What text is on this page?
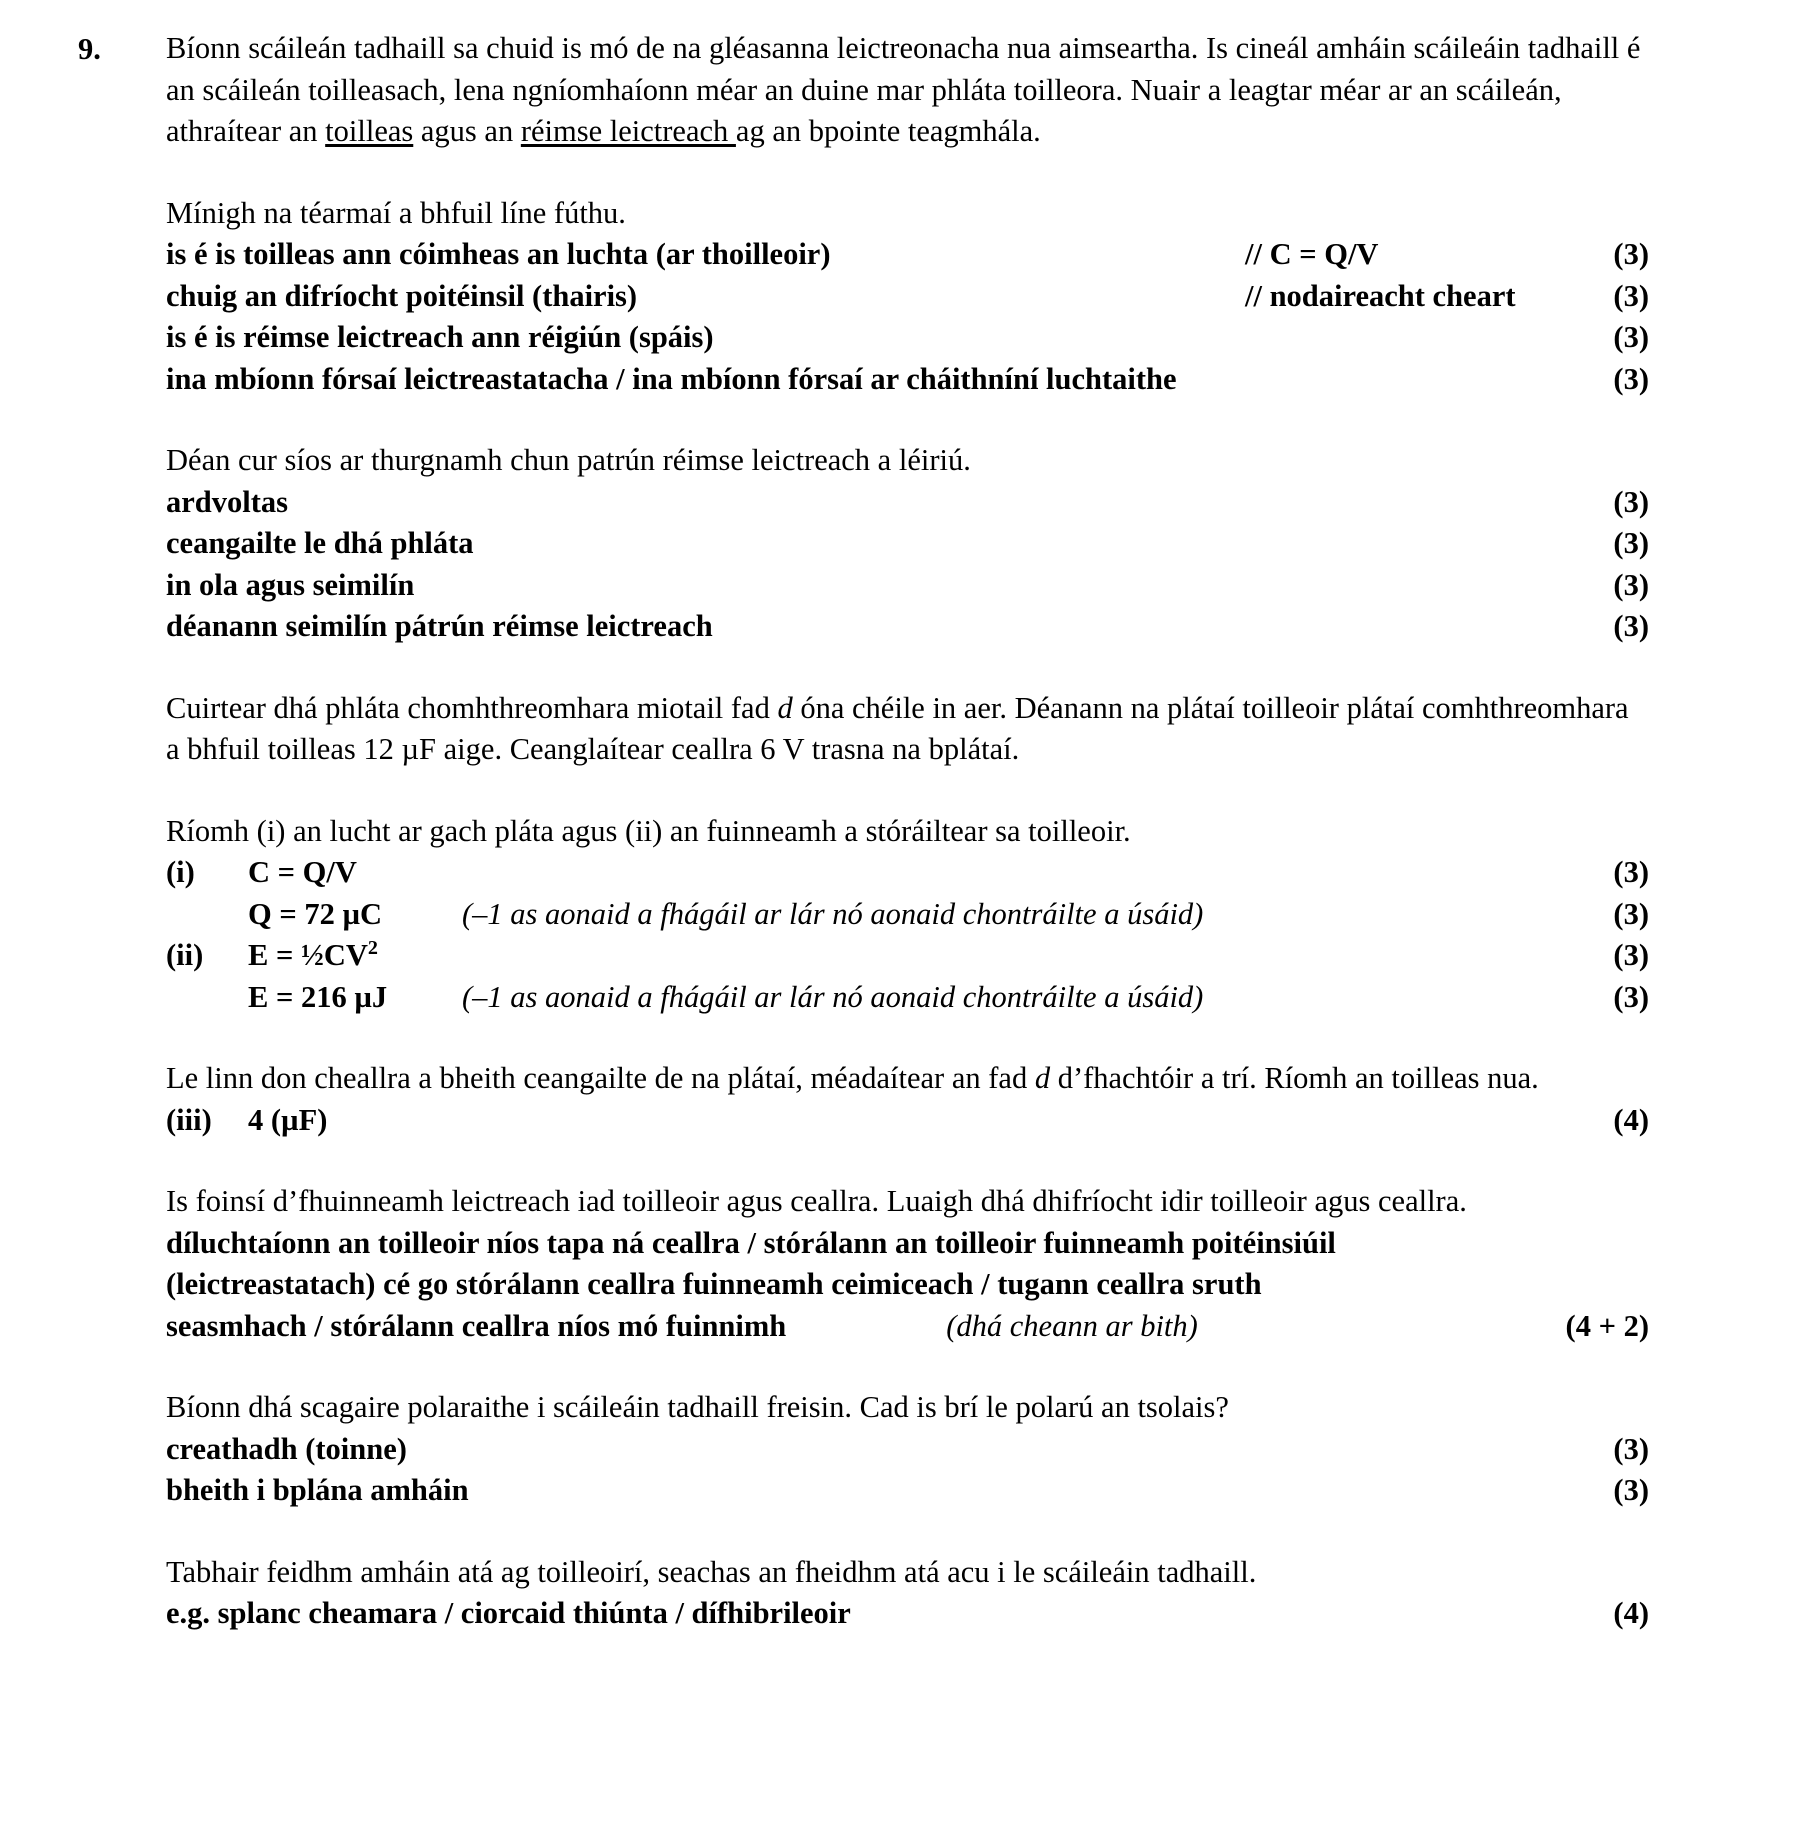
9.	Bíonn scáileán tadhaill sa chuid is mó de na gléasanna leictreonacha nua aimseartha. Is cineál amháin scáileáin tadhaill é an scáileán toilleasach, lena ngníomhaíonn méar an duine mar phláta toilleora. Nuair a leagtar méar ar an scáileán, athraítear an toilleas agus an réimse leictreach ag an bpointe teagmhála.

Mínigh na téarmaí a bhfuil líne fúthu.

is é is toilleas ann cóimheas an luchta (ar thoilleoir)	// C = Q/V	(3)
chuig an difríocht poitéinsil (thairis)	// nodaireacht cheart	(3)
is é is réimse leictreach ann réigiún (spáis)	(3)
ina mbíonn fórsaí leictreastatacha / ina mbíonn fórsaí ar cháithníní luchtaithe	(3)

Déan cur síos ar thurgnamh chun patrún réimse leictreach a léiriú.

ardvoltas	(3)
ceangailte le dhá phláta	(3)
in ola agus seimilín	(3)
déanann seimilín pátrún réimse leictreach	(3)

Cuirtear dhá phláta chomhthreomhara miotail fad d óna chéile in aer. Déanann na plátaí toilleoir plátaí comhthreomhara a bhfuil toilleas 12 µF aige. Ceanglaítear ceallra 6 V trasna na bplátaí.

Ríomh (i) an lucht ar gach pláta agus (ii) an fuinneamh a stóráiltear sa toilleoir.

(i)	C = Q/V	(3)
Q = 72 µC	(–1 as aonaid a fhágáil ar lár nó aonaid chontráilte a úsáid)	(3)
(ii)	$E = \frac{1}{2}CV^2$	(3)
E = 216 µJ	(–1 as aonaid a fhágáil ar lár nó aonaid chontráilte a úsáid)	(3)

Le linn don cheallra a bheith ceangailte de na plátaí, méadaítear an fad d d’fhachtóir a trí. Ríomh an toilleas nua.

(iii)	4 (µF)	(4)

Is foinsí d’fhuinneamh leictreach iad toilleoir agus ceallra. Luaigh dhá dhifríocht idir toilleoir agus ceallra.

díluchtaíonn an toilleoir níos tapa ná ceallra / stórálann an toilleoir fuinneamh poitéinsiúil
(leictreastatach) cé go stórálann ceallra fuinneamh ceimiceach / tugann ceallra sruth
seasmhach / stórálann ceallra níos mó fuinnimh	(dhá cheann ar bith)	(4 + 2)

Bíonn dhá scagaire polaraithe i scáileáin tadhaill freisin. Cad is brí le polarú an tsolais?

creathadh (toinne)	(3)
bheith i bplána amháin	(3)

Tabhair feidhm amháin atá ag toilleoirí, seachas an fheidhm atá acu i le scáileáin tadhaill.

e.g. splanc cheamara / ciorcaid thiúnta / dífhibrileoir	(4)
